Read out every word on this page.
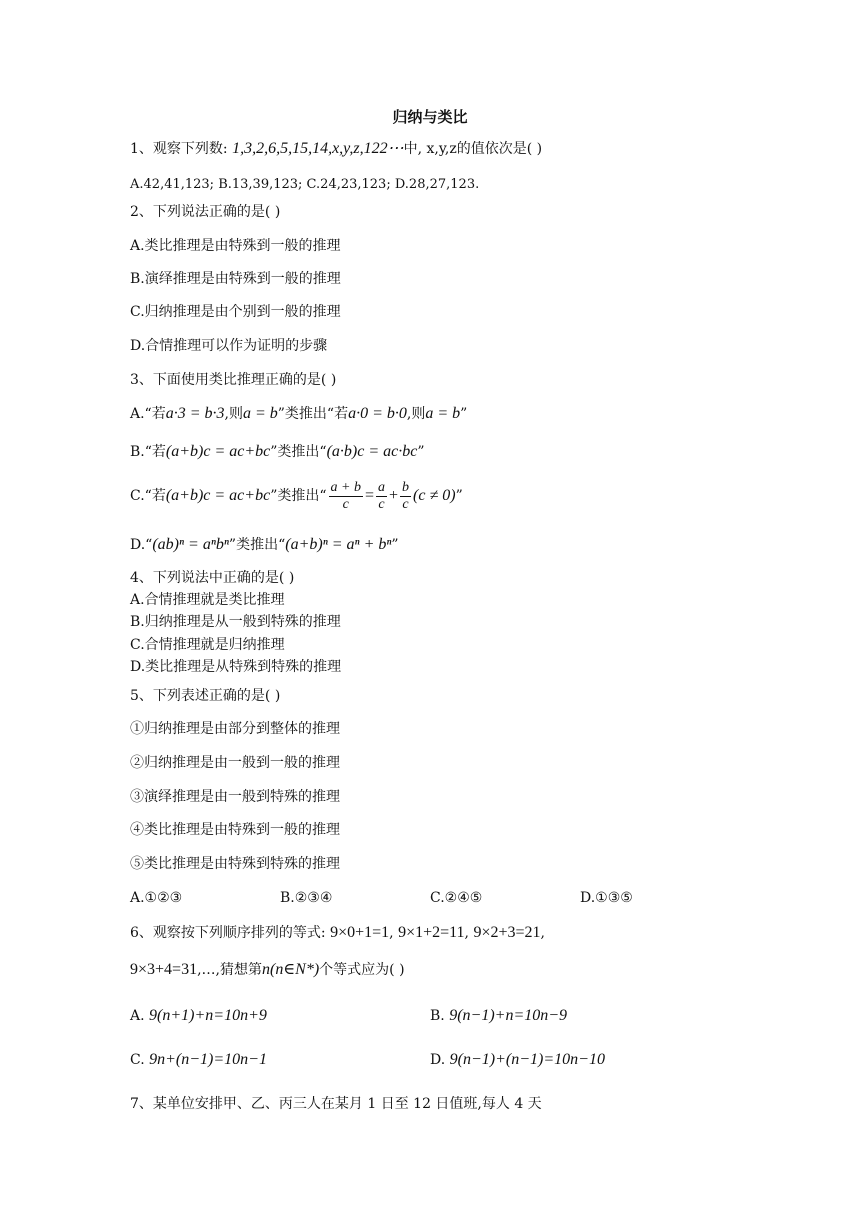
归纳与类比
1、观察下列数: 1,3,2,6,5,15,14,x,y,z,122⋯中, x,y,z的值依次是( )
A.42,41,123; B.13,39,123; C.24,23,123; D.28,27,123.
2、下列说法正确的是( )
A.类比推理是由特殊到一般的推理
B.演绎推理是由特殊到一般的推理
C.归纳推理是由个别到一般的推理
D.合情推理可以作为证明的步骤
3、下面使用类比推理正确的是( )
A.“若a·3 = b·3,则a = b”类推出“若a·0 = b·0,则a = b”
B.“若(a+b)c = ac+bc”类推出“(a·b)c = ac·bc”
C.“若(a+b)c = ac+bc”类推出“ $\frac{a + b}{c} = \frac{a}{c} + \frac{b}{c} (c \ne 0)$”
D.“(ab)ⁿ = aⁿbⁿ”类推出“(a+b)ⁿ = aⁿ + bⁿ”
4、下列说法中正确的是( )
A.合情推理就是类比推理
B.归纳推理是从一般到特殊的推理
C.合情推理就是归纳推理
D.类比推理是从特殊到特殊的推理
5、下列表述正确的是( )
①归纳推理是由部分到整体的推理
②归纳推理是由一般到一般的推理
③演绎推理是由一般到特殊的推理
④类比推理是由特殊到一般的推理
⑤类比推理是由特殊到特殊的推理
A.①②③	B.②③④	C.②④⑤	D.①③⑤
6、观察按下列顺序排列的等式: 9×0+1=1, 9×1+2=11, 9×2+3=21,
9×3+4=31,…,猜想第n(n∈N*)个等式应为( )
A. 9(n+1)+n=10n+9	B. 9(n−1)+n=10n−9
C. 9n+(n−1)=10n−1	D. 9(n−1)+(n−1)=10n−10
7、某单位安排甲、乙、丙三人在某月 1 日至 12 日值班,每人 4 天
